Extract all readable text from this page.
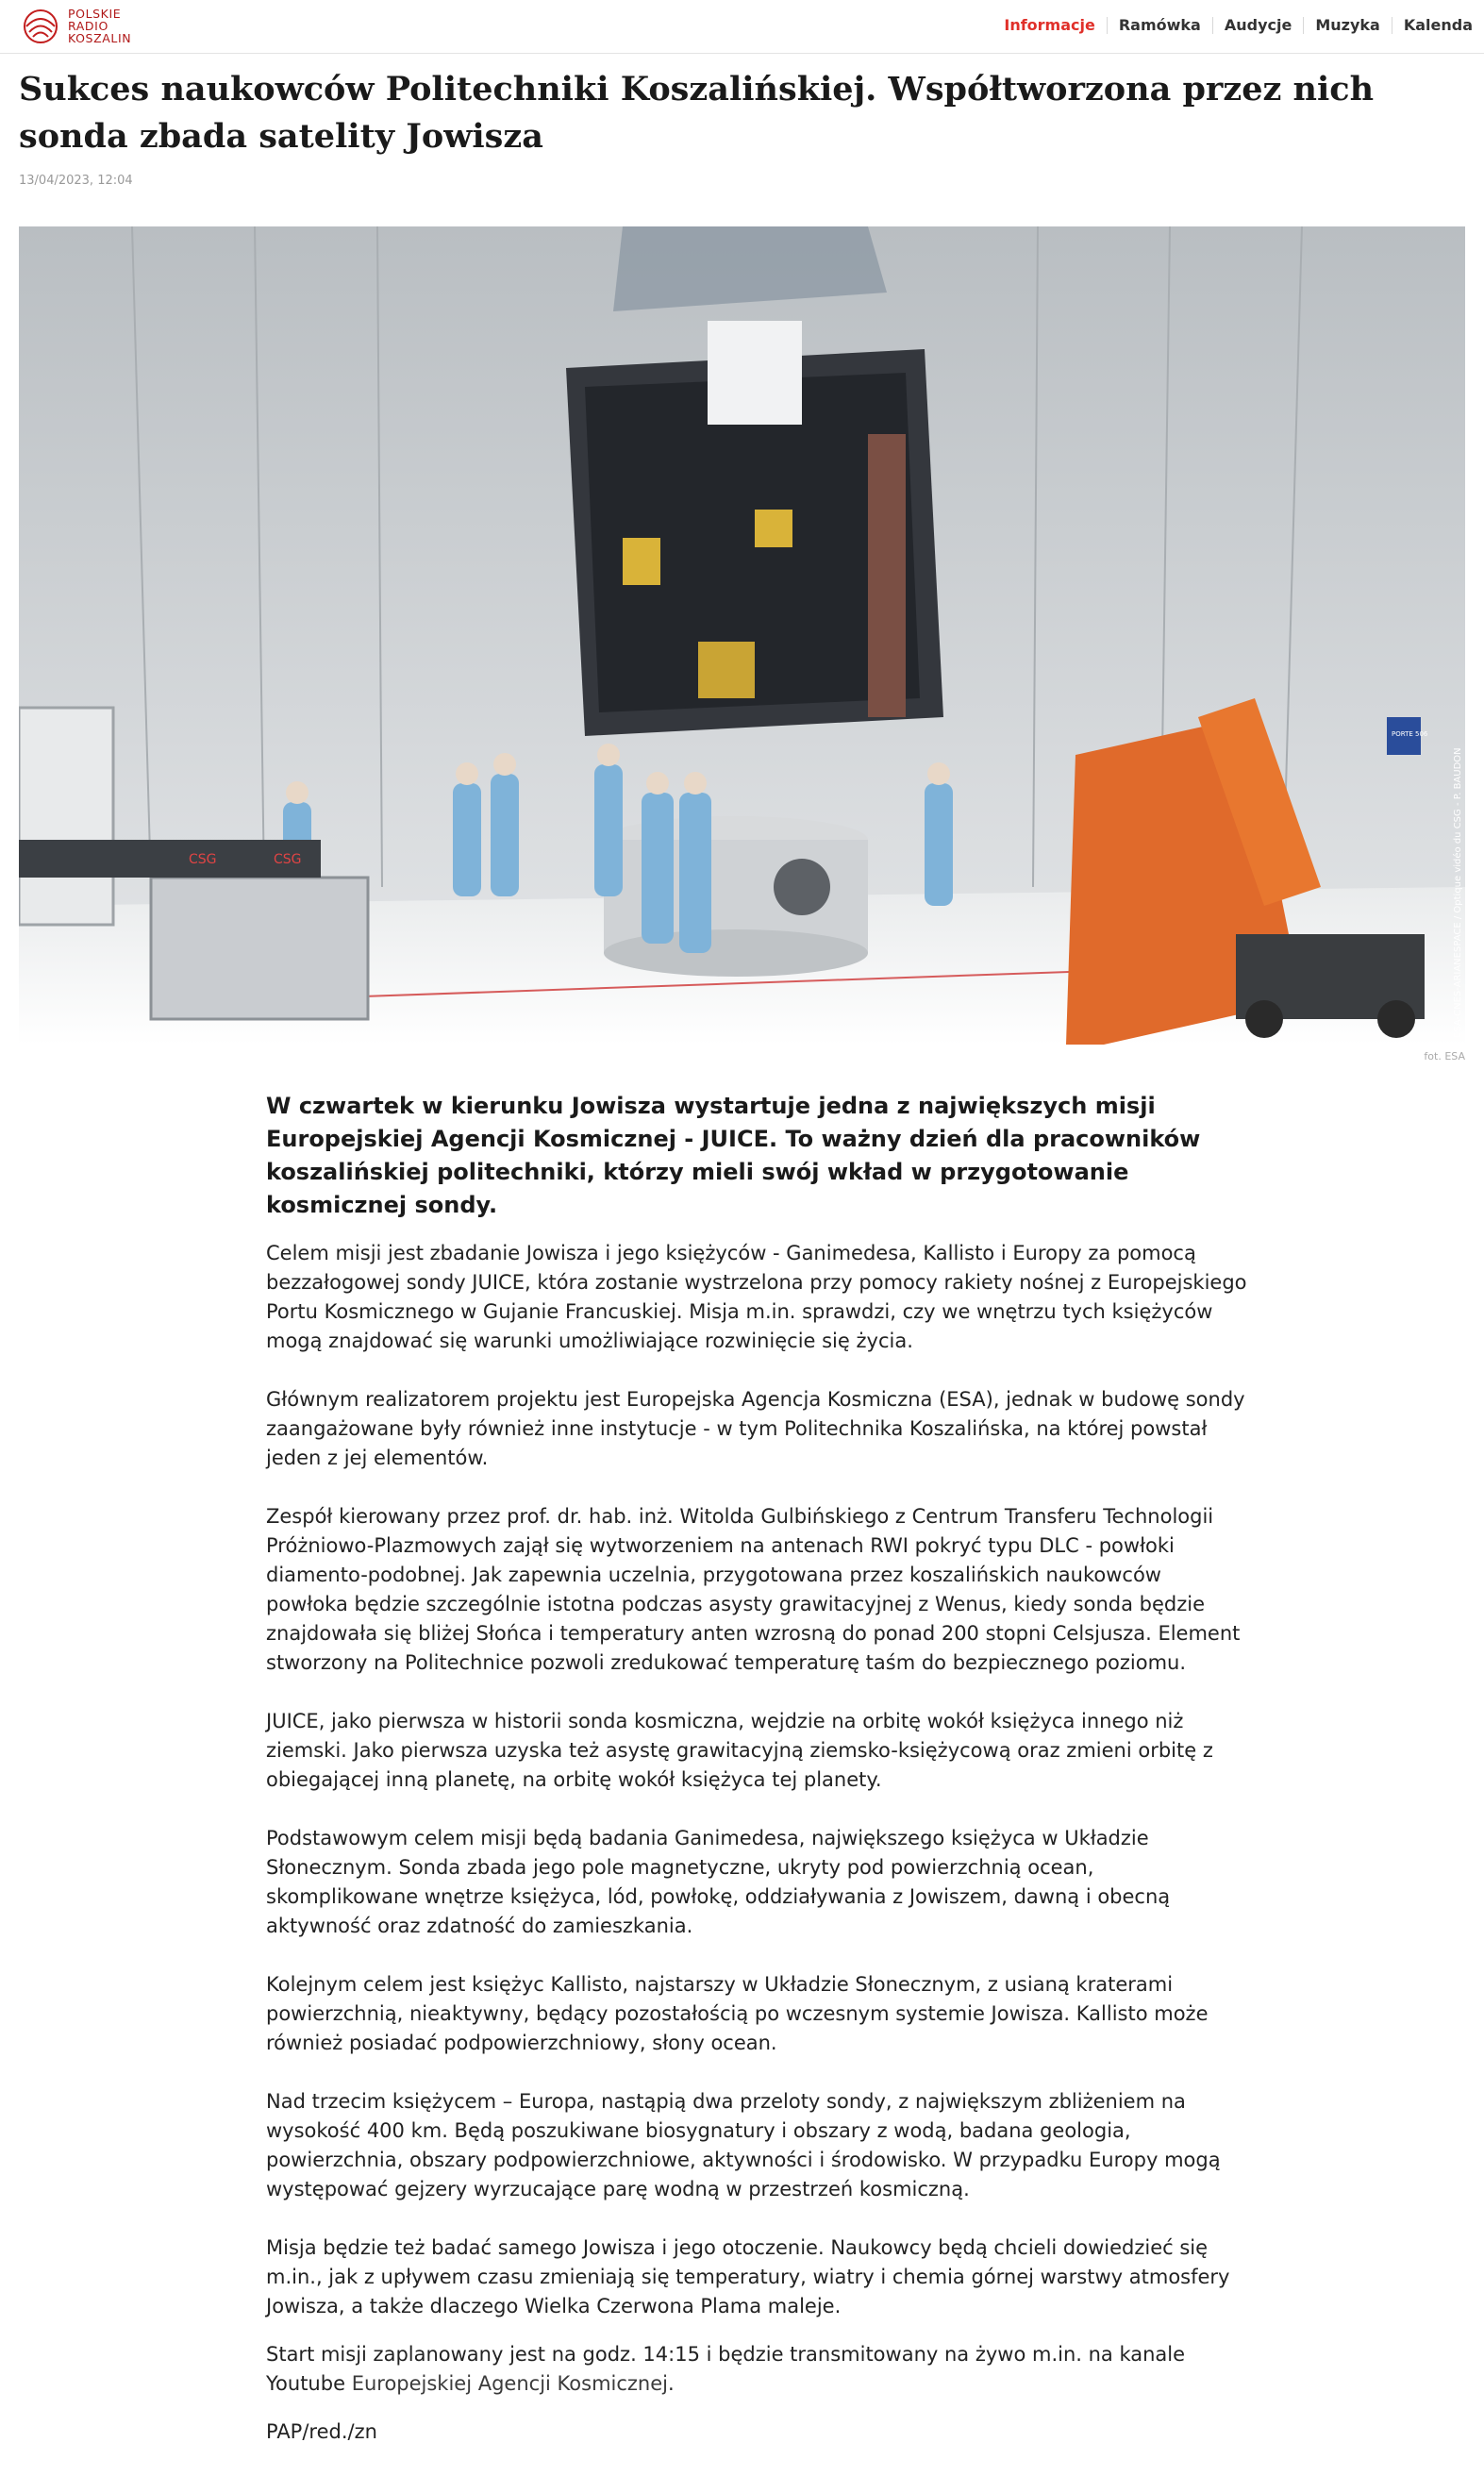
POLSKIE
RADIO
KOSZALIN
Informacje	Ramówka	Audycje	Muzyka	Kalenda
Sukces naukowców Politechniki Koszalińskiej. Współtworzona przez nich sonda zbada satelity Jowisza
13/04/2023, 12:04
CSG	CSG
PORTE 506
ESA-CNES-ARIANESPACE / Optique vidéo du CSG - P. BAUDON
fot. ESA

W czwartek w kierunku Jowisza wystartuje jedna z największych misji Europejskiej Agencji Kosmicznej - JUICE. To ważny dzień dla pracowników koszalińskiej politechniki, którzy mieli swój wkład w przygotowanie kosmicznej sondy.

Celem misji jest zbadanie Jowisza i jego księżyców - Ganimedesa, Kallisto i Europy za pomocą bezzałogowej sondy JUICE, która zostanie wystrzelona przy pomocy rakiety nośnej z Europejskiego Portu Kosmicznego w Gujanie Francuskiej. Misja m.in. sprawdzi, czy we wnętrzu tych księżyców mogą znajdować się warunki umożliwiające rozwinięcie się życia.

Głównym realizatorem projektu jest Europejska Agencja Kosmiczna (ESA), jednak w budowę sondy zaangażowane były również inne instytucje - w tym Politechnika Koszalińska, na której powstał jeden z jej elementów.

Zespół kierowany przez prof. dr. hab. inż. Witolda Gulbińskiego z Centrum Transferu Technologii Próżniowo-Plazmowych zajął się wytworzeniem na antenach RWI pokryć typu DLC - powłoki diamento-podobnej. Jak zapewnia uczelnia, przygotowana przez koszalińskich naukowców powłoka będzie szczególnie istotna podczas asysty grawitacyjnej z Wenus, kiedy sonda będzie znajdowała się bliżej Słońca i temperatury anten wzrosną do ponad 200 stopni Celsjusza. Element stworzony na Politechnice pozwoli zredukować temperaturę taśm do bezpiecznego poziomu.

JUICE, jako pierwsza w historii sonda kosmiczna, wejdzie na orbitę wokół księżyca innego niż ziemski. Jako pierwsza uzyska też asystę grawitacyjną ziemsko-księżycową oraz zmieni orbitę z obiegającej inną planetę, na orbitę wokół księżyca tej planety.

Podstawowym celem misji będą badania Ganimedesa, największego księżyca w Układzie Słonecznym. Sonda zbada jego pole magnetyczne, ukryty pod powierzchnią ocean, skomplikowane wnętrze księżyca, lód, powłokę, oddziaływania z Jowiszem, dawną i obecną aktywność oraz zdatność do zamieszkania.

Kolejnym celem jest księżyc Kallisto, najstarszy w Układzie Słonecznym, z usianą kraterami powierzchnią, nieaktywny, będący pozostałością po wczesnym systemie Jowisza. Kallisto może również posiadać podpowierzchniowy, słony ocean.

Nad trzecim księżycem – Europa, nastąpią dwa przeloty sondy, z największym zbliżeniem na wysokość 400 km. Będą poszukiwane biosygnatury i obszary z wodą, badana geologia, powierzchnia, obszary podpowierzchniowe, aktywności i środowisko. W przypadku Europy mogą występować gejzery wyrzucające parę wodną w przestrzeń kosmiczną.

Misja będzie też badać samego Jowisza i jego otoczenie. Naukowcy będą chcieli dowiedzieć się m.in., jak z upływem czasu zmieniają się temperatury, wiatry i chemia górnej warstwy atmosfery Jowisza, a także dlaczego Wielka Czerwona Plama maleje.

Start misji zaplanowany jest na godz. 14:15 i będzie transmitowany na żywo m.in. na kanale Youtube Europejskiej Agencji Kosmicznej.

PAP/red./zn
